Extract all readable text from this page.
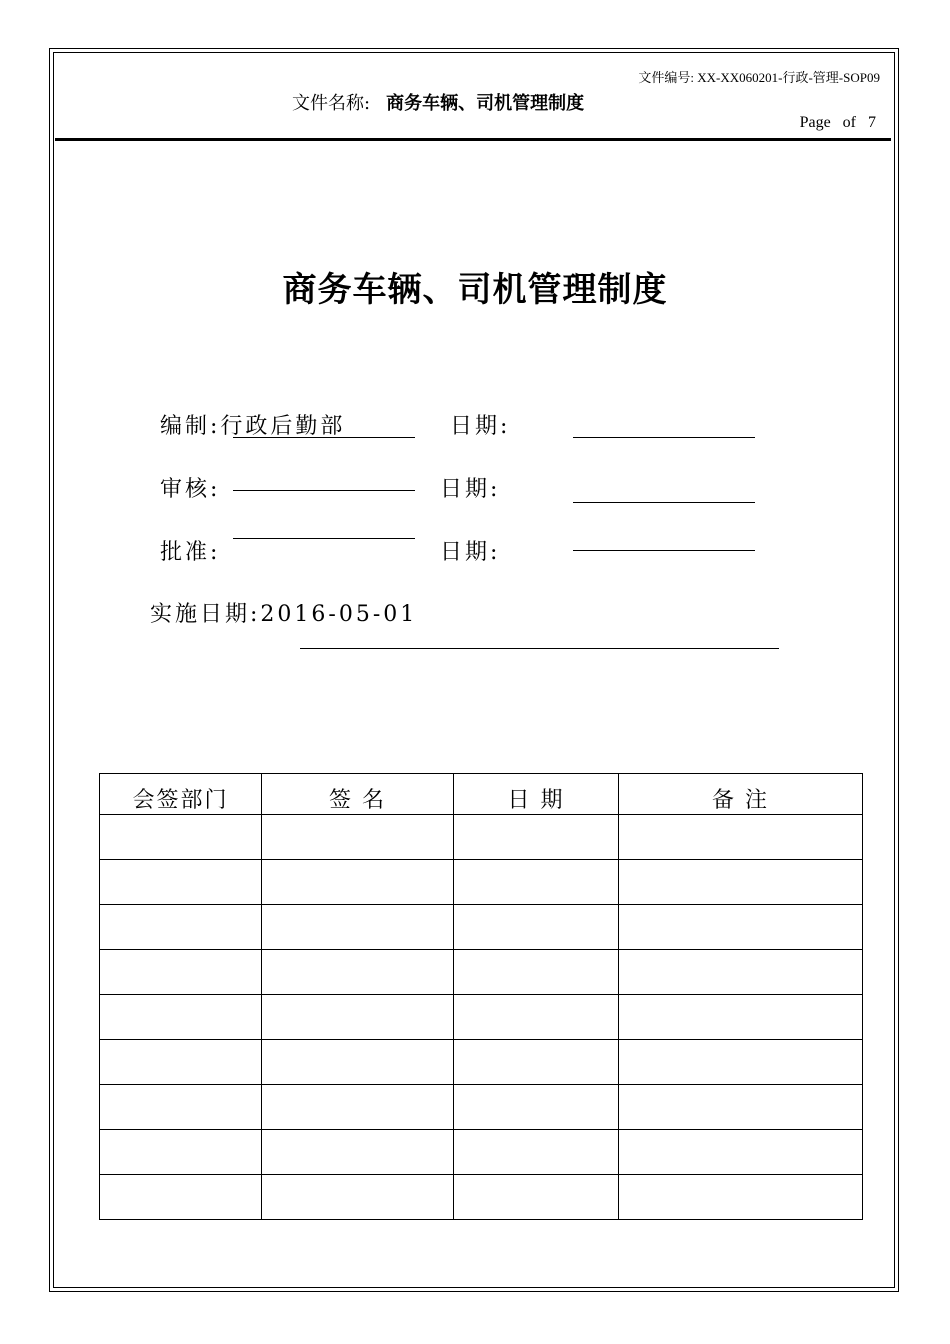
文件编号: XX-XX060201-行政-管理-SOP09
文件名称: 商务车辆、司机管理制度
Page of 7
商务车辆、司机管理制度
编制:行政后勤部	日期:
审核:	日期:
批准:	日期:
实施日期:2016-05-01
会签部门	签 名	日 期	备 注
